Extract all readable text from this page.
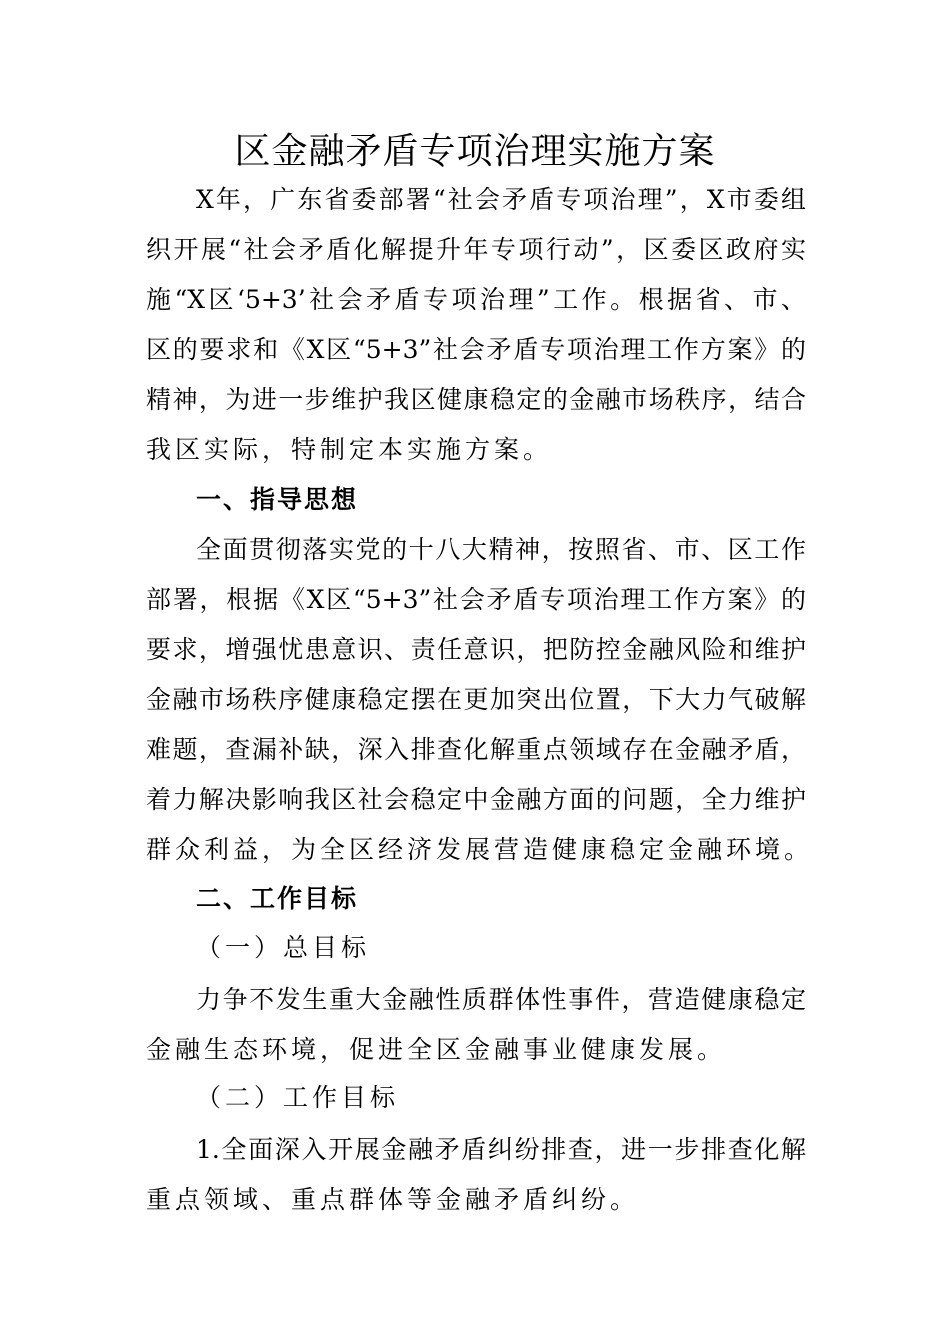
区金融矛盾专项治理实施方案
X年，广东省委部署“社会矛盾专项治理”，X市委组
织开展“社会矛盾化解提升年专项行动”，区委区政府实
施“X区‘5+3’社会矛盾专项治理”工作。根据省、市、
区的要求和《X区“5+3”社会矛盾专项治理工作方案》的
精神，为进一步维护我区健康稳定的金融市场秩序，结合
我区实际，特制定本实施方案。
一、指导思想
全面贯彻落实党的十八大精神，按照省、市、区工作
部署，根据《X区“5+3”社会矛盾专项治理工作方案》的
要求，增强忧患意识、责任意识，把防控金融风险和维护
金融市场秩序健康稳定摆在更加突出位置，下大力气破解
难题，查漏补缺，深入排查化解重点领域存在金融矛盾，
着力解决影响我区社会稳定中金融方面的问题，全力维护
群众利益，为全区经济发展营造健康稳定金融环境。
二、工作目标
（一）总目标
力争不发生重大金融性质群体性事件，营造健康稳定
金融生态环境，促进全区金融事业健康发展。
（二）工作目标
1.全面深入开展金融矛盾纠纷排查，进一步排查化解
重点领域、重点群体等金融矛盾纠纷。
